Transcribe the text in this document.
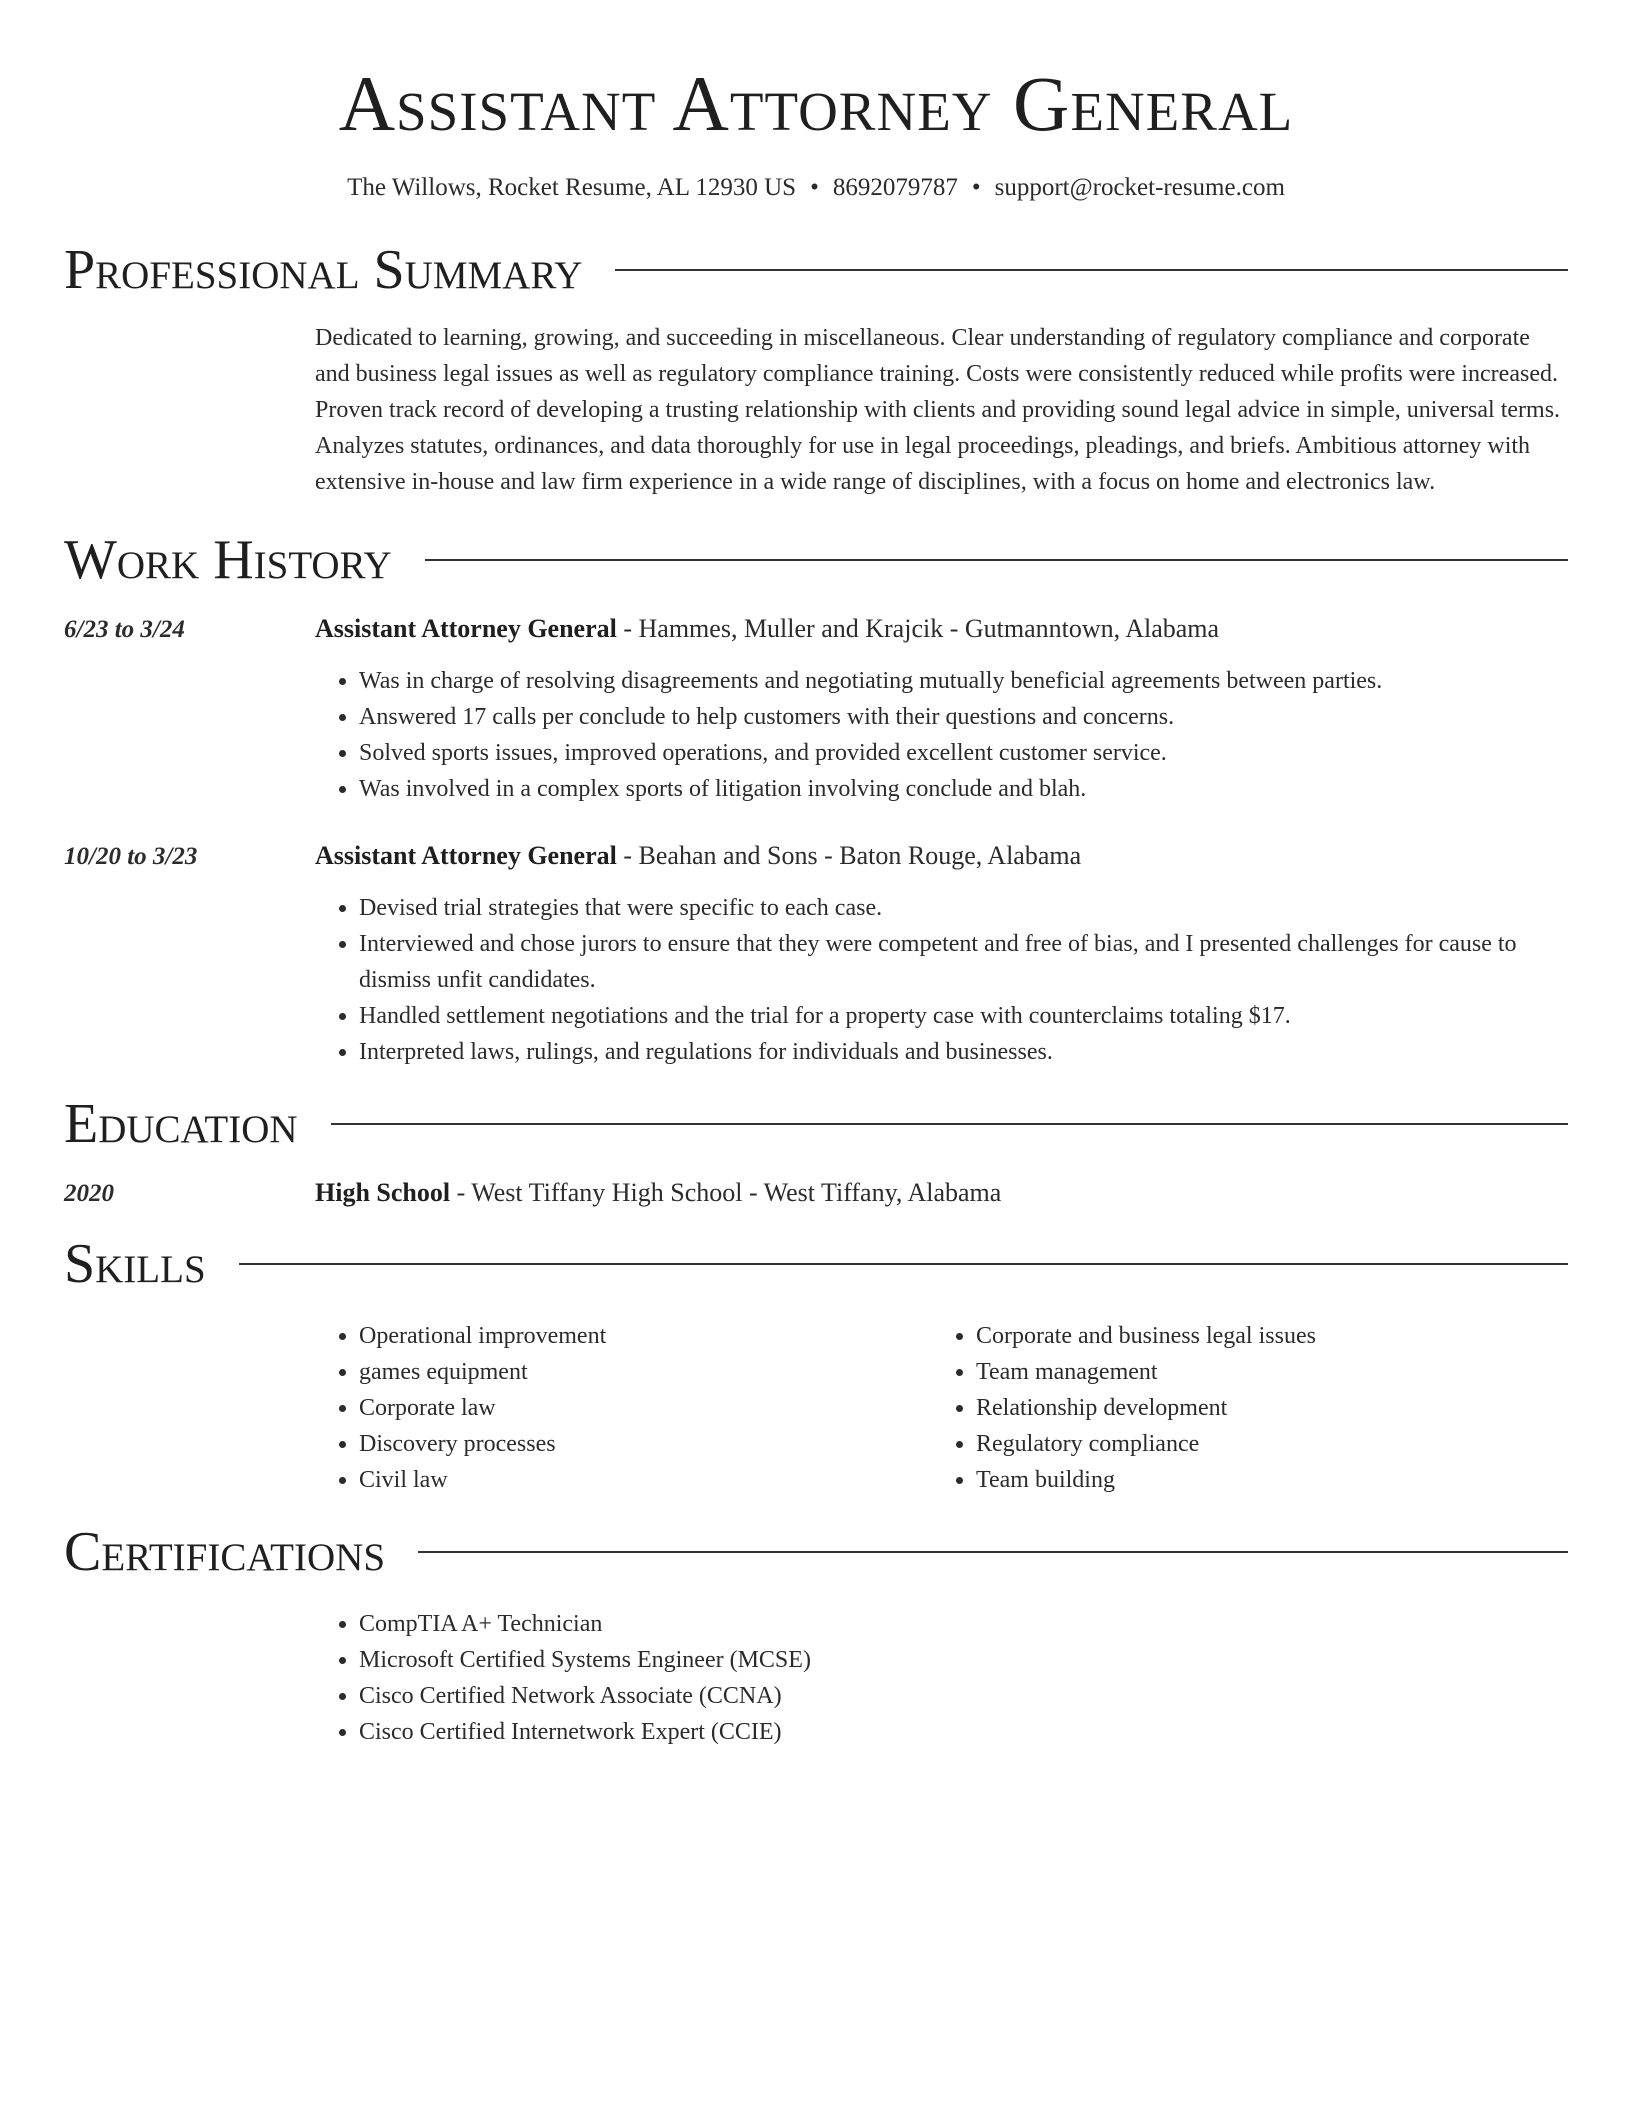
Assistant Attorney General
The Willows, Rocket Resume, AL 12930 US • 8692079787 • support@rocket-resume.com
Professional Summary
Dedicated to learning, growing, and succeeding in miscellaneous. Clear understanding of regulatory compliance and corporate and business legal issues as well as regulatory compliance training. Costs were consistently reduced while profits were increased. Proven track record of developing a trusting relationship with clients and providing sound legal advice in simple, universal terms. Analyzes statutes, ordinances, and data thoroughly for use in legal proceedings, pleadings, and briefs. Ambitious attorney with extensive in-house and law firm experience in a wide range of disciplines, with a focus on home and electronics law.
Work History
6/23 to 3/24	Assistant Attorney General - Hammes, Muller and Krajcik - Gutmanntown, Alabama
• Was in charge of resolving disagreements and negotiating mutually beneficial agreements between parties.
• Answered 17 calls per conclude to help customers with their questions and concerns.
• Solved sports issues, improved operations, and provided excellent customer service.
• Was involved in a complex sports of litigation involving conclude and blah.
10/20 to 3/23	Assistant Attorney General - Beahan and Sons - Baton Rouge, Alabama
• Devised trial strategies that were specific to each case.
• Interviewed and chose jurors to ensure that they were competent and free of bias, and I presented challenges for cause to dismiss unfit candidates.
• Handled settlement negotiations and the trial for a property case with counterclaims totaling $17.
• Interpreted laws, rulings, and regulations for individuals and businesses.
Education
2020	High School - West Tiffany High School - West Tiffany, Alabama
Skills
• Operational improvement
• games equipment
• Corporate law
• Discovery processes
• Civil law
• Corporate and business legal issues
• Team management
• Relationship development
• Regulatory compliance
• Team building
Certifications
• CompTIA A+ Technician
• Microsoft Certified Systems Engineer (MCSE)
• Cisco Certified Network Associate (CCNA)
• Cisco Certified Internetwork Expert (CCIE)
